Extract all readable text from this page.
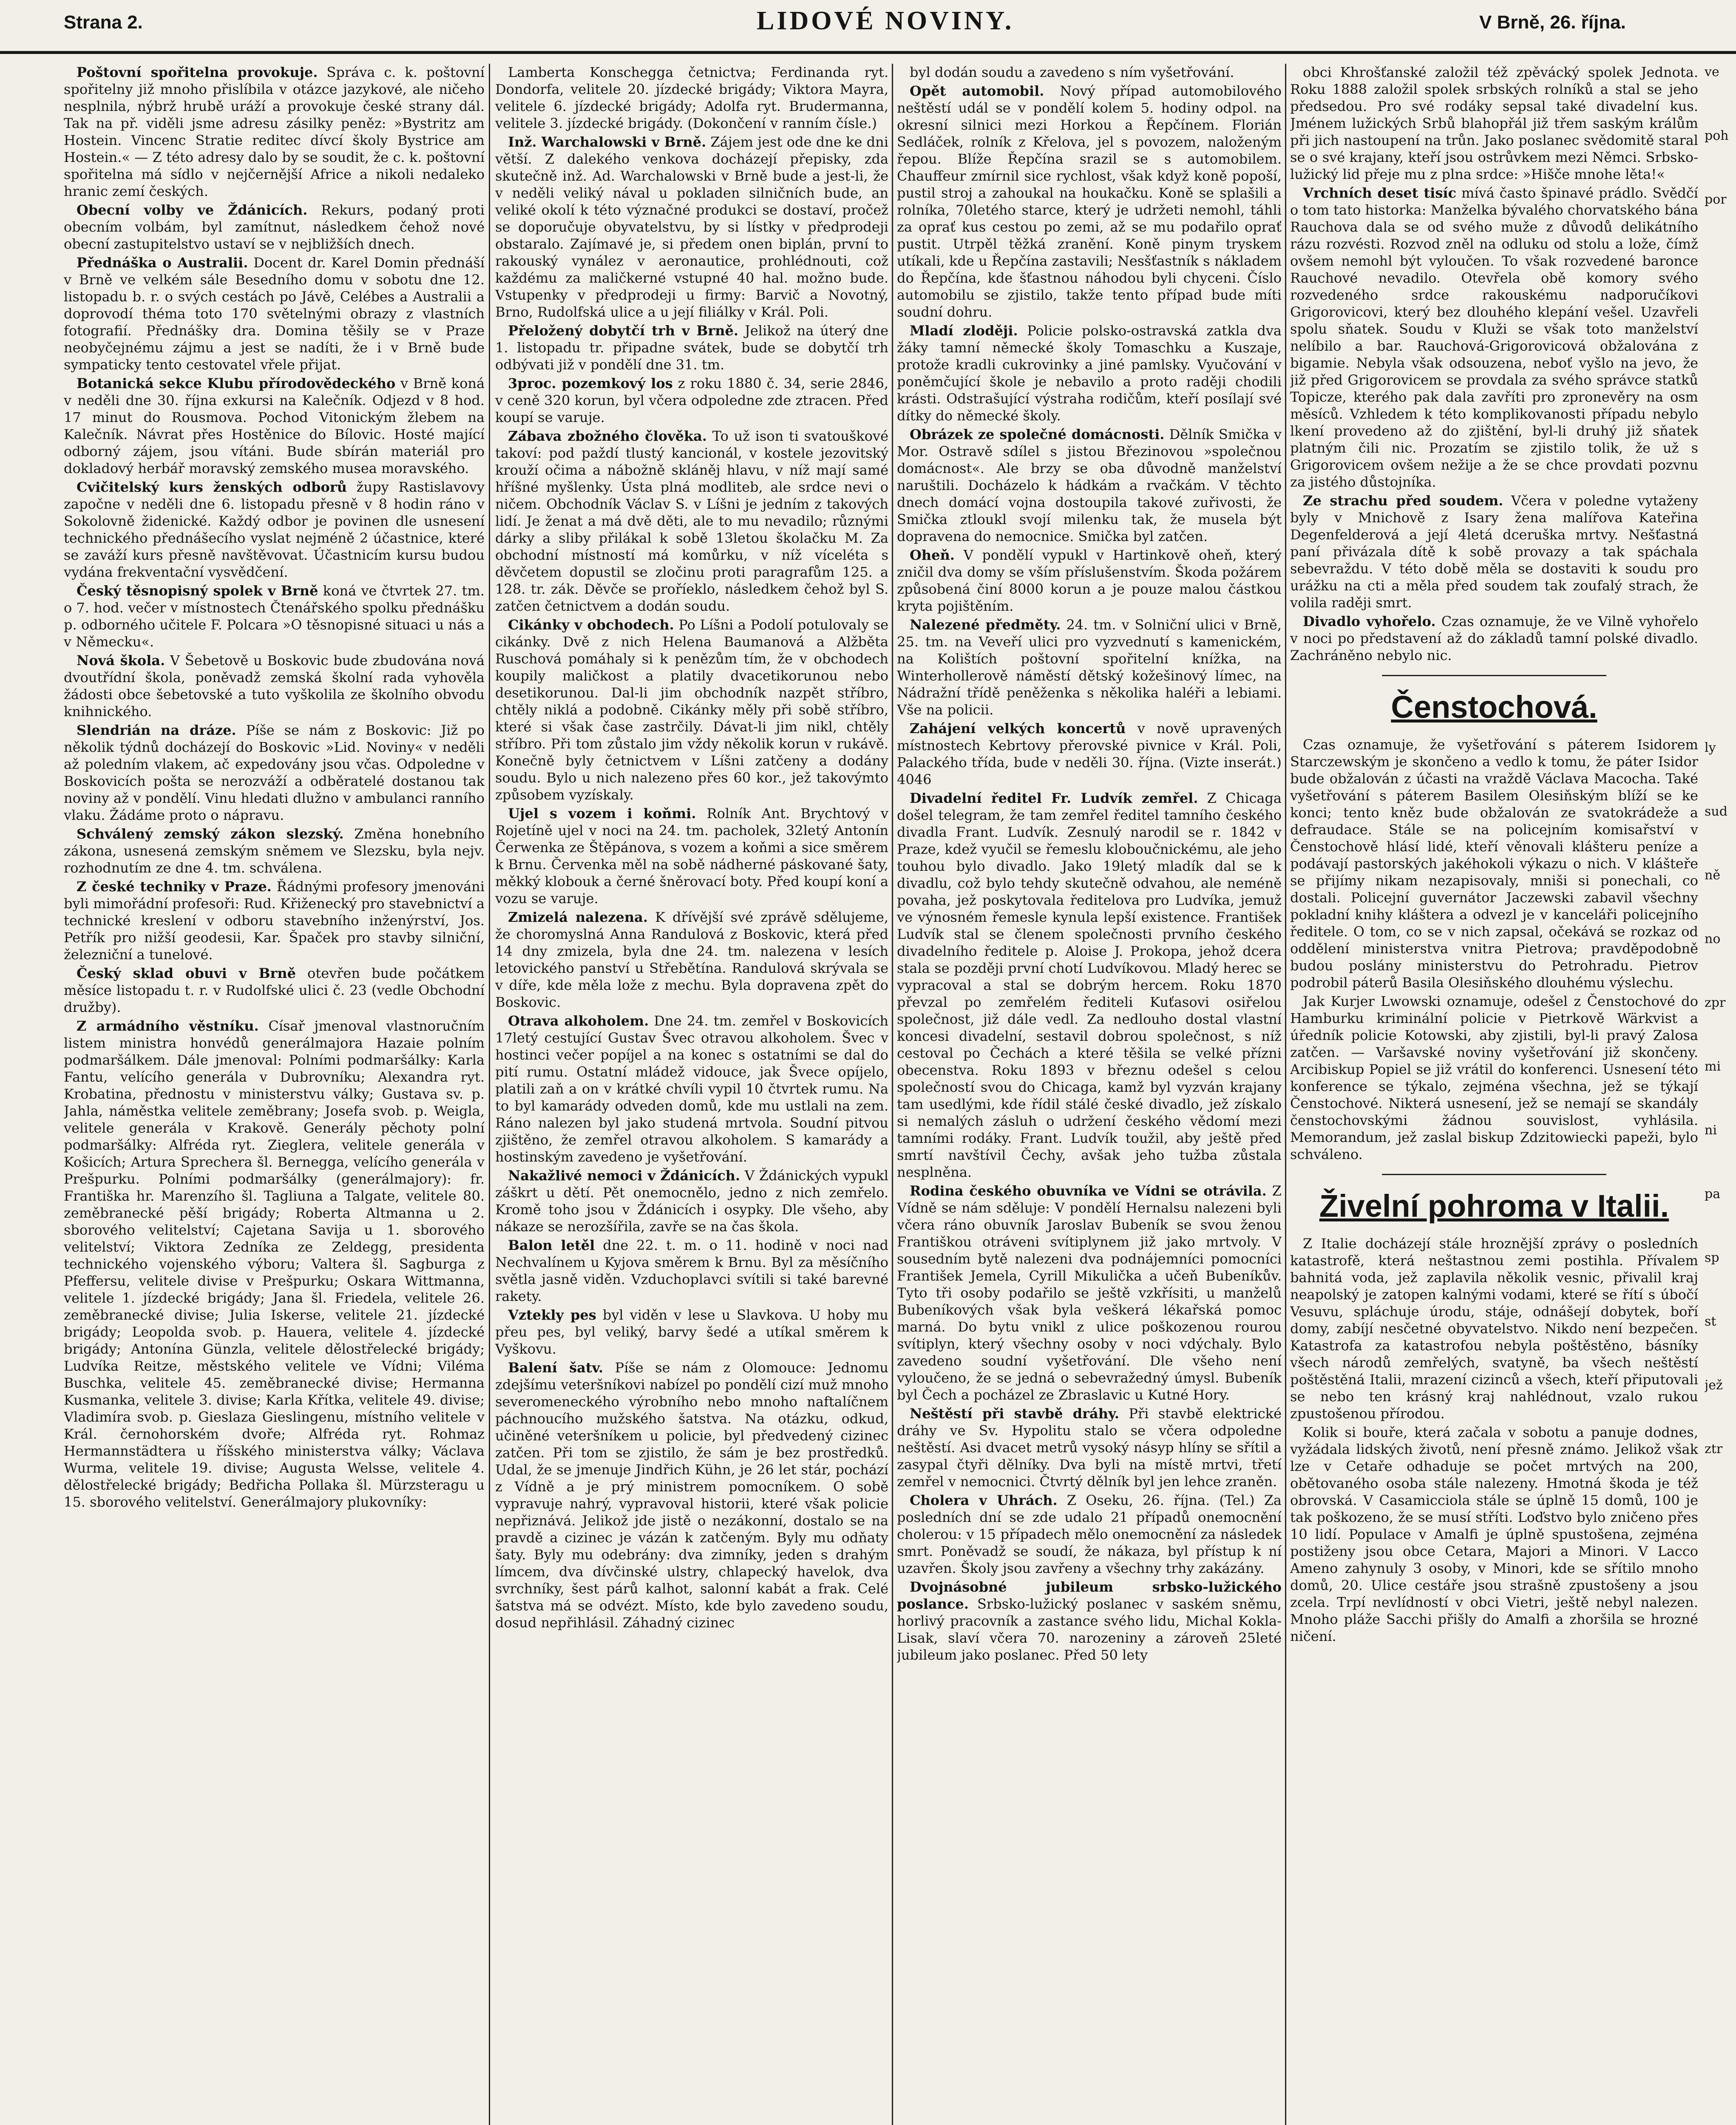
Strana 2.	LIDOVÉ NOVINY.	V Brně, 26. října.

Poštovní spořitelna provokuje. Správa c. k. poštovní spořitelny již mnoho přislíbila v otázce jazykové, ale ničeho nesplnila, nýbrž hrubě uráží a provokuje české strany dál. Tak na př. viděli jsme adresu zásilky peněz: »Bystritz am Hostein. Vincenc Stratie reditec dívcí školy Bystrice am Hostein.« — Z této adresy dalo by se soudit, že c. k. poštovní spořitelna má sídlo v nejčernější Africe a nikoli nedaleko hranic zemí českých.

Obecní volby ve Ždánicích. Rekurs, podaný proti obecním volbám, byl zamítnut, následkem čehož nové obecní zastupitelstvo ustaví se v nejbližších dnech.

Přednáška o Australii. Docent dr. Karel Domin přednáší v Brně ve velkém sále Besedního domu v sobotu dne 12. listopadu b. r. o svých cestách po Jávě, Celébes a Australii a doprovodí théma toto 170 světelnými obrazy z vlastních fotografií. Přednášky dra. Domina těšily se v Praze neobyčejnému zájmu a jest se nadíti, že i v Brně bude sympaticky tento cestovatel vřele přijat.

Botanická sekce Klubu přírodovědeckého v Brně koná v neděli dne 30. října exkursi na Kalečník. Odjezd v 8 hod. 17 minut do Rousmova. Pochod Vitonickým žlebem na Kalečník. Návrat přes Hostěnice do Bílovic. Hosté mající odborný zájem, jsou vítáni. Bude sbírán materiál pro dokladový herbář moravský zemského musea moravského.

Cvičitelský kurs ženských odborů župy Rastislavovy započne v neděli dne 6. listopadu přesně v 8 hodin ráno v Sokolovně židenické. Každý odbor je povinen dle usnesení technického přednášecího vyslat nejméně 2 účastnice, které se zaváží kurs přesně navštěvovat. Účastnicím kursu budou vydána frekventační vysvědčení.

Český těsnopisný spolek v Brně koná ve čtvrtek 27. tm. o 7. hod. večer v místnostech Čtenářského spolku přednášku p. odborného učitele F. Polcara »O těsnopisné situaci u nás a v Německu«.

Nová škola. V Šebetově u Boskovic bude zbudována nová dvoutřídní škola, poněvadž zemská školní rada vyhověla žádosti obce šebetovské a tuto vyškolila ze školního obvodu knihnického.

Slendrián na dráze. Píše se nám z Boskovic: Již po několik týdnů docházejí do Boskovic »Lid. Noviny« v neděli až poledním vlakem, ač expedovány jsou včas. Odpoledne v Boskovicích pošta se nerozváží a odběratelé dostanou tak noviny až v pondělí. Vinu hledati dlužno v ambulanci ranního vlaku. Žádáme proto o nápravu.

Schválený zemský zákon slezský. Změna honebního zákona, usnesená zemským sněmem ve Slezsku, byla nejv. rozhodnutím ze dne 4. tm. schválena.

Z české techniky v Praze. Řádnými profesory jmenováni byli mimořádní profesoři: Rud. Křiženecký pro stavebnictví a technické kreslení v odboru stavebního inženýrství, Jos. Petřík pro nižší geodesii, Kar. Špaček pro stavby silniční, železniční a tunelové.

Český sklad obuvi v Brně otevřen bude počátkem měsíce listopadu t. r. v Rudolfské ulici č. 23 (vedle Obchodní družby).

Z armádního věstníku. Císař jmenoval vlastnoručním listem ministra honvédů generálmajora Hazaie polním podmaršálkem. Dále jmenoval: Polními podmaršálky: Karla Fantu, velícího generála v Dubrovníku; Alexandra ryt. Krobatina, přednostu v ministerstvu války; Gustava sv. p. Jahla, náměstka velitele zeměbrany; Josefa svob. p. Weigla, velitele generála v Krakově. Generály pěchoty polní podmaršálky: Alfréda ryt. Zieglera, velitele generála v Košicích; Artura Sprechera šl. Bernegga, velícího generála v Prešpurku. Polními podmaršálky (generálmajory): fr. Františka hr. Marenzího šl. Tagliuna a Talgate, velitele 80. zeměbranecké pěší brigády; Roberta Altmanna u 2. sborového velitelství; Cajetana Savija u 1. sborového velitelství; Viktora Zedníka ze Zeldegg, presidenta technického vojenského výboru; Valtera šl. Sagburga z Pfeffersu, velitele divise v Prešpurku; Oskara Wittmanna, velitele 1. jízdecké brigády; Jana šl. Friedela, velitele 26. zeměbranecké divise; Julia Iskerse, velitele 21. jízdecké brigády; Leopolda svob. p. Hauera, velitele 4. jízdecké brigády; Antonína Günzla, velitele dělostřelecké brigády; Ludvíka Reitze, městského velitele ve Vídni; Viléma Buschka, velitele 45. zeměbranecké divise; Hermanna Kusmanka, velitele 3. divise; Karla Křítka, velitele 49. divise; Vladimíra svob. p. Gieslaza Gieslingenu, místního velitele v Král. černohorském dvoře; Alfréda ryt. Rohmaz Hermannstädtera u říšského ministerstva války; Václava Wurma, velitele 19. divise; Augusta Welsse, velitele 4. dělostřelecké brigády; Bedřicha Pollaka šl. Mürzsteragu u 15. sborového velitelství. Generálmajory plukovníky:

Lamberta Konschegga četnictva; Ferdinanda ryt. Dondorfa, velitele 20. jízdecké brigády; Viktora Mayra, velitele 6. jízdecké brigády; Adolfa ryt. Brudermanna, velitele 3. jízdecké brigády. (Dokončení v ranním čísle.)

Inž. Warchalowski v Brně. Zájem jest ode dne ke dni větší. Z dalekého venkova docházejí přepisky, zda skutečně inž. Ad. Warchalowski v Brně bude a jest-li, že v neděli veliký nával u pokladen silničních bude, an veliké okolí k této význačné produkci se dostaví, pročež se doporučuje obyvatelstvu, by si lístky v předprodeji obstaralo. Zajímavé je, si předem onen biplán, první to rakouský vynález v aeronautice, prohlédnouti, což každému za maličkerné vstupné 40 hal. možno bude. Vstupenky v předprodeji u firmy: Barvič a Novotný, Brno, Rudolfská ulice a u její filiálky v Král. Poli.

Přeložený dobytčí trh v Brně. Jelikož na úterý dne 1. listopadu tr. připadne svátek, bude se dobytčí trh odbývati již v pondělí dne 31. tm.

3proc. pozemkový los z roku 1880 č. 34, serie 2846, v ceně 320 korun, byl včera odpoledne zde ztracen. Před koupí se varuje.

Zábava zbožného člověka. To už ison ti svatouškové takoví: pod paždí tlustý kancionál, v kostele jezovitský krouží očima a nábožně skláněj hlavu, v níž mají samé hříšné myšlenky. Ústa plná modliteb, ale srdce nevi o ničem. Obchodník Václav S. v Líšni je jedním z takových lidí. Je ženat a má dvě děti, ale to mu nevadilo; různými dárky a sliby přilákal k sobě 13letou školačku M. Za obchodní místností má komůrku, v níž víceléta s děvčetem dopustil se zločinu proti paragrafům 125. a 128. tr. zák. Děvče se proříeklo, následkem čehož byl S. zatčen četnictvem a dodán soudu.

Cikánky v obchodech. Po Líšni a Podolí potulovaly se cikánky. Dvě z nich Helena Baumanová a Alžběta Ruschová pomáhaly si k penězům tím, že v obchodech koupily maličkost a platily dvacetikorunou nebo desetikorunou. Dal-li jim obchodník nazpět stříbro, chtěly niklá a podobně. Cikánky měly při sobě stříbro, které si však čase zastrčily. Dávat-li jim nikl, chtěly stříbro. Při tom zůstalo jim vždy několik korun v rukávě. Konečně byly četnictvem v Líšni zatčeny a dodány soudu. Bylo u nich nalezeno přes 60 kor., jež takovýmto způsobem vyzískaly.

Ujel s vozem i koňmi. Rolník Ant. Brychtový v Rojetíně ujel v noci na 24. tm. pacholek, 32letý Antonín Čerwenka ze Štěpánova, s vozem a koňmi a sice směrem k Brnu. Červenka měl na sobě nádherné páskované šaty, měkký klobouk a černé šněrovací boty. Před koupí koní a vozu se varuje.

Zmizelá nalezena. K dřívější své zprávě sdělujeme, že choromyslná Anna Randulová z Boskovic, která před 14 dny zmizela, byla dne 24. tm. nalezena v lesích letovického panství u Střebětína. Randulová skrývala se v díře, kde měla lože z mechu. Byla dopravena zpět do Boskovic.

Otrava alkoholem. Dne 24. tm. zemřel v Boskovicích 17letý cestující Gustav Švec otravou alkoholem. Švec v hostinci večer popíjel a na konec s ostatními se dal do pití rumu. Ostatní mládež vidouce, jak Švece opíjelo, platili zaň a on v krátké chvíli vypil 10 čtvrtek rumu. Na to byl kamarády odveden domů, kde mu ustlali na zem. Ráno nalezen byl jako studená mrtvola. Soudní pitvou zjištěno, že zemřel otravou alkoholem. S kamarády a hostinským zavedeno je vyšetřování.

Nakažlivé nemoci v Ždánicích. V Ždánických vypukl záškrt u dětí. Pět onemocnělo, jedno z nich zemřelo. Kromě toho jsou v Ždánicích i osypky. Dle všeho, aby nákaze se nerozšířila, zavře se na čas škola.

Balon letěl dne 22. t. m. o 11. hodině v noci nad Nechvalínem u Kyjova směrem k Brnu. Byl za měsíčního světla jasně viděn. Vzduchoplavci svítili si také barevné rakety.

Vztekly pes byl viděn v lese u Slavkova. U hoby mu přeu pes, byl veliký, barvy šedé a utíkal směrem k Vyškovu.

Balení šatv. Píše se nám z Olomouce: Jednomu zdejšímu veteršníkovi nabízel po pondělí cizí muž mnoho severomeneckého výrobního nebo mnoho naftalíčnem páchnoucího mužského šatstva. Na otázku, odkud, učiněné veteršníkem u policie, byl předvedený cizinec zatčen. Při tom se zjistilo, že sám je bez prostředků. Udal, že se jmenuje Jindřich Kühn, je 26 let stár, pochází z Vídně a je prý ministrem pomocníkem. O sobě vypravuje nahrý, vypravoval historii, které však policie nepřiznává. Jelikož jde jistě o nezákonní, dostalo se na pravdě a cizinec je vázán k zatčeným. Byly mu odňaty šaty. Byly mu odebrány: dva zimníky, jeden s drahým límcem, dva dívčinské ulstry, chlapecký havelok, dva svrchníky, šest párů kalhot, salonní kabát a frak. Celé šatstva má se odvézt. Místo, kde bylo zavedeno soudu, dosud nepřihlásil. Záhadný cizinec

byl dodán soudu a zavedeno s ním vyšetřování.

Opět automobil. Nový případ automobilového neštěstí udál se v pondělí kolem 5. hodiny odpol. na okresní silnici mezi Horkou a Řepčínem. Florián Sedláček, rolník z Křelova, jel s povozem, naloženým řepou. Blíže Řepčína srazil se s automobilem. Chauffeur zmírnil sice rychlost, však když koně popoší, pustil stroj a zahoukal na houkačku. Koně se splašili a rolníka, 70letého starce, který je udržeti nemohl, táhli za oprať kus cestou po zemi, až se mu podařilo oprať pustit. Utrpěl těžká zranění. Koně pinym tryskem utíkali, kde u Řepčína zastavili; Nesšťastník s nákladem do Řepčína, kde šťastnou náhodou byli chyceni. Číslo automobilu se zjistilo, takže tento případ bude míti soudní dohru.

Mladí zloději. Policie polsko-ostravská zatkla dva žáky tamní německé školy Tomaschku a Kuszaje, protože kradli cukrovinky a jiné pamlsky. Vyučování v poněmčující škole je nebavilo a proto raději chodili krásti. Odstrašující výstraha rodičům, kteří posílají své dítky do německé školy.

Obrázek ze společné domácnosti. Dělník Smička v Mor. Ostravě sdílel s jistou Březinovou »společnou domácnost«. Ale brzy se oba důvodně manželství naruštili. Docházelo k hádkám a rvačkám. V těchto dnech domácí vojna dostoupila takové zuřivosti, že Smička ztloukl svojí milenku tak, že musela být dopravena do nemocnice. Smička byl zatčen.

Oheň. V pondělí vypukl v Hartinkově oheň, který zničil dva domy se vším příslušenstvím. Škoda požárem způsobená činí 8000 korun a je pouze malou částkou kryta pojištěním.

Nalezené předměty. 24. tm. v Solniční ulici v Brně, 25. tm. na Veveří ulici pro vyzvednutí s kamenickém, na Kolištích poštovní spořitelní knížka, na Winterhollerově náměstí dětský kožešinový límec, na Nádražní třídě peněženka s několika haléři a lebiami. Vše na policii.

Zahájení velkých koncertů v nově upravených místnostech Kebrtovy přerovské pivnice v Král. Poli, Palackého třída, bude v neděli 30. října. (Vizte inserát.) 4046

Divadelní ředitel Fr. Ludvík zemřel. Z Chicaga došel telegram, že tam zemřel ředitel tamního českého divadla Frant. Ludvík. Zesnulý narodil se r. 1842 v Praze, kdež vyučil se řemeslu kloboučnickému, ale jeho touhou bylo divadlo. Jako 19letý mladík dal se k divadlu, což bylo tehdy skutečně odvahou, ale neméně povaha, jež poskytovala ředitelova pro Ludvíka, jemuž ve výnosném řemesle kynula lepší existence. František Ludvík stal se členem společnosti prvního českého divadelního ředitele p. Aloise J. Prokopa, jehož dcera stala se později první chotí Ludvíkovou. Mladý herec se vypracoval a stal se dobrým hercem. Roku 1870 převzal po zemřelém řediteli Kuťasovi osiřelou společnost, již dále vedl. Za nedlouho dostal vlastní koncesi divadelní, sestavil dobrou společnost, s níž cestoval po Čechách a které těšila se velké přízni obecenstva. Roku 1893 v březnu odešel s celou společností svou do Chicaga, kamž byl vyzván krajany tam usedlými, kde řídil stálé české divadlo, jež získalo si nemalých zásluh o udržení českého vědomí mezi tamními rodáky. Frant. Ludvík toužil, aby ještě před smrtí navštívil Čechy, avšak jeho tužba zůstala nesplněna.

Rodina českého obuvníka ve Vídni se otrávila. Z Vídně se nám sděluje: V pondělí Hernalsu nalezeni byli včera ráno obuvník Jaroslav Bubeník se svou ženou Františkou otráveni svítiplynem již jako mrtvoly. V sousedním bytě nalezeni dva podnájemníci pomocníci František Jemela, Cyrill Mikulička a učeň Bubeníkův. Tyto tři osoby podařilo se ještě vzkřísiti, u manželů Bubeníkových však byla veškerá lékařská pomoc marná. Do bytu vnikl z ulice poškozenou rourou svítiplyn, který všechny osoby v noci vdýchaly. Bylo zavedeno soudní vyšetřování. Dle všeho není vyloučeno, že se jedná o sebevražedný úmysl. Bubeník byl Čech a pocházel ze Zbraslavic u Kutné Hory.

Neštěstí při stavbě dráhy. Při stavbě elektrické dráhy ve Sv. Hypolitu stalo se včera odpoledne neštěstí. Asi dvacet metrů vysoký násyp hlíny se sřítil a zasypal čtyři dělníky. Dva byli na místě mrtvi, třetí zemřel v nemocnici. Čtvrtý dělník byl jen lehce zraněn.

Cholera v Uhrách. Z Oseku, 26. října. (Tel.) Za posledních dní se zde udalo 21 případů onemocnění cholerou: v 15 případech mělo onemocnění za následek smrt. Poněvadž se soudí, že nákaza, byl přístup k ní uzavřen. Školy jsou zavřeny a všechny trhy zakázány.

Dvojnásobné jubileum srbsko-lužického poslance. Srbsko-lužický poslanec v saském sněmu, horlivý pracovník a zastance svého lidu, Michal Kokla-Lisak, slaví včera 70. narozeniny a zároveň 25leté jubileum jako poslanec. Před 50 lety

obci Khrošťanské založil též zpěvácký spolek Jednota. Roku 1888 založil spolek srbských rolníků a stal se jeho předsedou. Pro své rodáky sepsal také divadelní kus. Jménem lužických Srbů blahopřál již třem saským králům při jich nastoupení na trůn. Jako poslanec svědomitě staral se o své krajany, kteří jsou ostrůvkem mezi Němci. Srbsko-lužický lid přeje mu z plna srdce: »Hišče mnohe lěta!«

Vrchních deset tisíc mívá často špinavé prádlo. Svědčí o tom tato historka: Manželka bývalého chorvatského bána Rauchova dala se od svého muže z důvodů delikátního rázu rozvésti. Rozvod zněl na odluku od stolu a lože, čímž ovšem nemohl být vyloučen. To však rozvedené baronce Rauchové nevadilo. Otevřela obě komory svého rozvedeného srdce rakouskému nadporučíkovi Grigorovicovi, který bez dlouhého klepání vešel. Uzavřeli spolu sňatek. Soudu v Kluži se však toto manželství nelíbilo a bar. Rauchová-Grigorovicová obžalována z bigamie. Nebyla však odsouzena, neboť vyšlo na jevo, že již před Grigorovicem se provdala za svého správce statků Topicze, kterého pak dala zavříti pro zpronevěry na osm měsíců. Vzhledem k této komplikovanosti případu nebylo lkení provedeno až do zjištění, byl-li druhý již sňatek platným čili nic. Prozatím se zjistilo tolik, že už s Grigorovicem ovšem nežije a že se chce provdati pozvnu za jistého důstojníka.

Ze strachu před soudem. Včera v poledne vytaženy byly v Mnichově z Isary žena malířova Kateřina Degenfelderová a její 4letá dceruška mrtvy. Nešťastná paní přivázala dítě k sobě provazy a tak spáchala sebevraždu. V této době měla se dostaviti k soudu pro urážku na cti a měla před soudem tak zoufalý strach, že volila raději smrt.

Divadlo vyhořelo. Czas oznamuje, že ve Vilně vyhořelo v noci po představení až do základů tamní polské divadlo. Zachráněno nebylo nic.

Čenstochová.

Czas oznamuje, že vyšetřování s páterem Isidorem Starczewským je skončeno a vedlo k tomu, že páter Isidor bude obžalován z účasti na vraždě Václava Macocha. Také vyšetřování s páterem Basilem Olesiňským blíží se ke konci; tento kněz bude obžalován ze svatokrádeže a defraudace. Stále se na policejním komisařství v Čenstochově hlásí lidé, kteří věnovali klášteru peníze a podávají pastorských jakéhokoli výkazu o nich. V klášteře se přijímy nikam nezapisovaly, mniši si ponechali, co dostali. Policejní guvernátor Jaczewski zabavil všechny pokladní knihy kláštera a odvezl je v kanceláři policejního ředitele. O tom, co se v nich zapsal, očekává se rozkaz od oddělení ministerstva vnitra Pietrova; pravděpodobně budou poslány ministerstvu do Petrohradu. Pietrov podrobil páterů Basila Olesiňského dlouhému výslechu.

Jak Kurjer Lwowski oznamuje, odešel z Čenstochové do Hamburku kriminální policie v Pietrkově Wärkvist a úředník policie Kotowski, aby zjistili, byl-li pravý Zalosa zatčen. — Varšavské noviny vyšetřování již skončeny. Arcibiskup Popiel se již vrátil do konferenci. Usnesení této konference se týkalo, zejména všechna, jež se týkají Čenstochové. Nikterá usnesení, jež se nemají se skandály čenstochovskými žádnou souvislost, vyhlásila. Memorandum, jež zaslal biskup Zdzitowiecki papeži, bylo schváleno.

Živelní pohroma v Italii.

Z Italie docházejí stále hroznější zprávy o posledních katastrofě, která neštastnou zemi postihla. Přívalem bahnitá voda, jež zaplavila několik vesnic, přivalil kraj neapolský je zatopen kalnými vodami, které se řítí s úbočí Vesuvu, spláchuje úrodu, stáje, odnášejí dobytek, boří domy, zabíjí nesčetné obyvatelstvo. Nikdo není bezpečen. Katastrofa za katastrofou nebyla poštěstěno, básníky všech národů zemřelých, svatyně, ba všech neštěstí poštěstěná Italii, mrazení cizinců a všech, kteří připutovali se nebo ten krásný kraj nahlédnout, vzalo rukou zpustošenou přírodou.

Kolik si bouře, která začala v sobotu a panuje dodnes, vyžádala lidských životů, není přesně známo. Jelikož však lze v Cetaře odhaduje se počet mrtvých na 200, obětovaného osoba stále nalezeny. Hmotná škoda je též obrovská. V Casamicciola stále se úplně 15 domů, 100 je tak poškozeno, že se musí stříti. Loďstvo bylo zničeno přes 10 lidí. Populace v Amalfi je úplně spustošena, zejména postiženy jsou obce Cetara, Majori a Minori. V Lacco Ameno zahynuly 3 osoby, v Minori, kde se sřítilo mnoho domů, 20. Ulice cestáře jsou strašně zpustošeny a jsou zcela. Trpí nevlídností v obci Vietri, ještě nebyl nalezen. Mnoho pláže Sacchi přišly do Amalfi a zhoršila se hrozné ničení.

ve
poh
por

ly
sud
ně
no
zpr
mi
ni
pa
sp
st
jež
ztr
